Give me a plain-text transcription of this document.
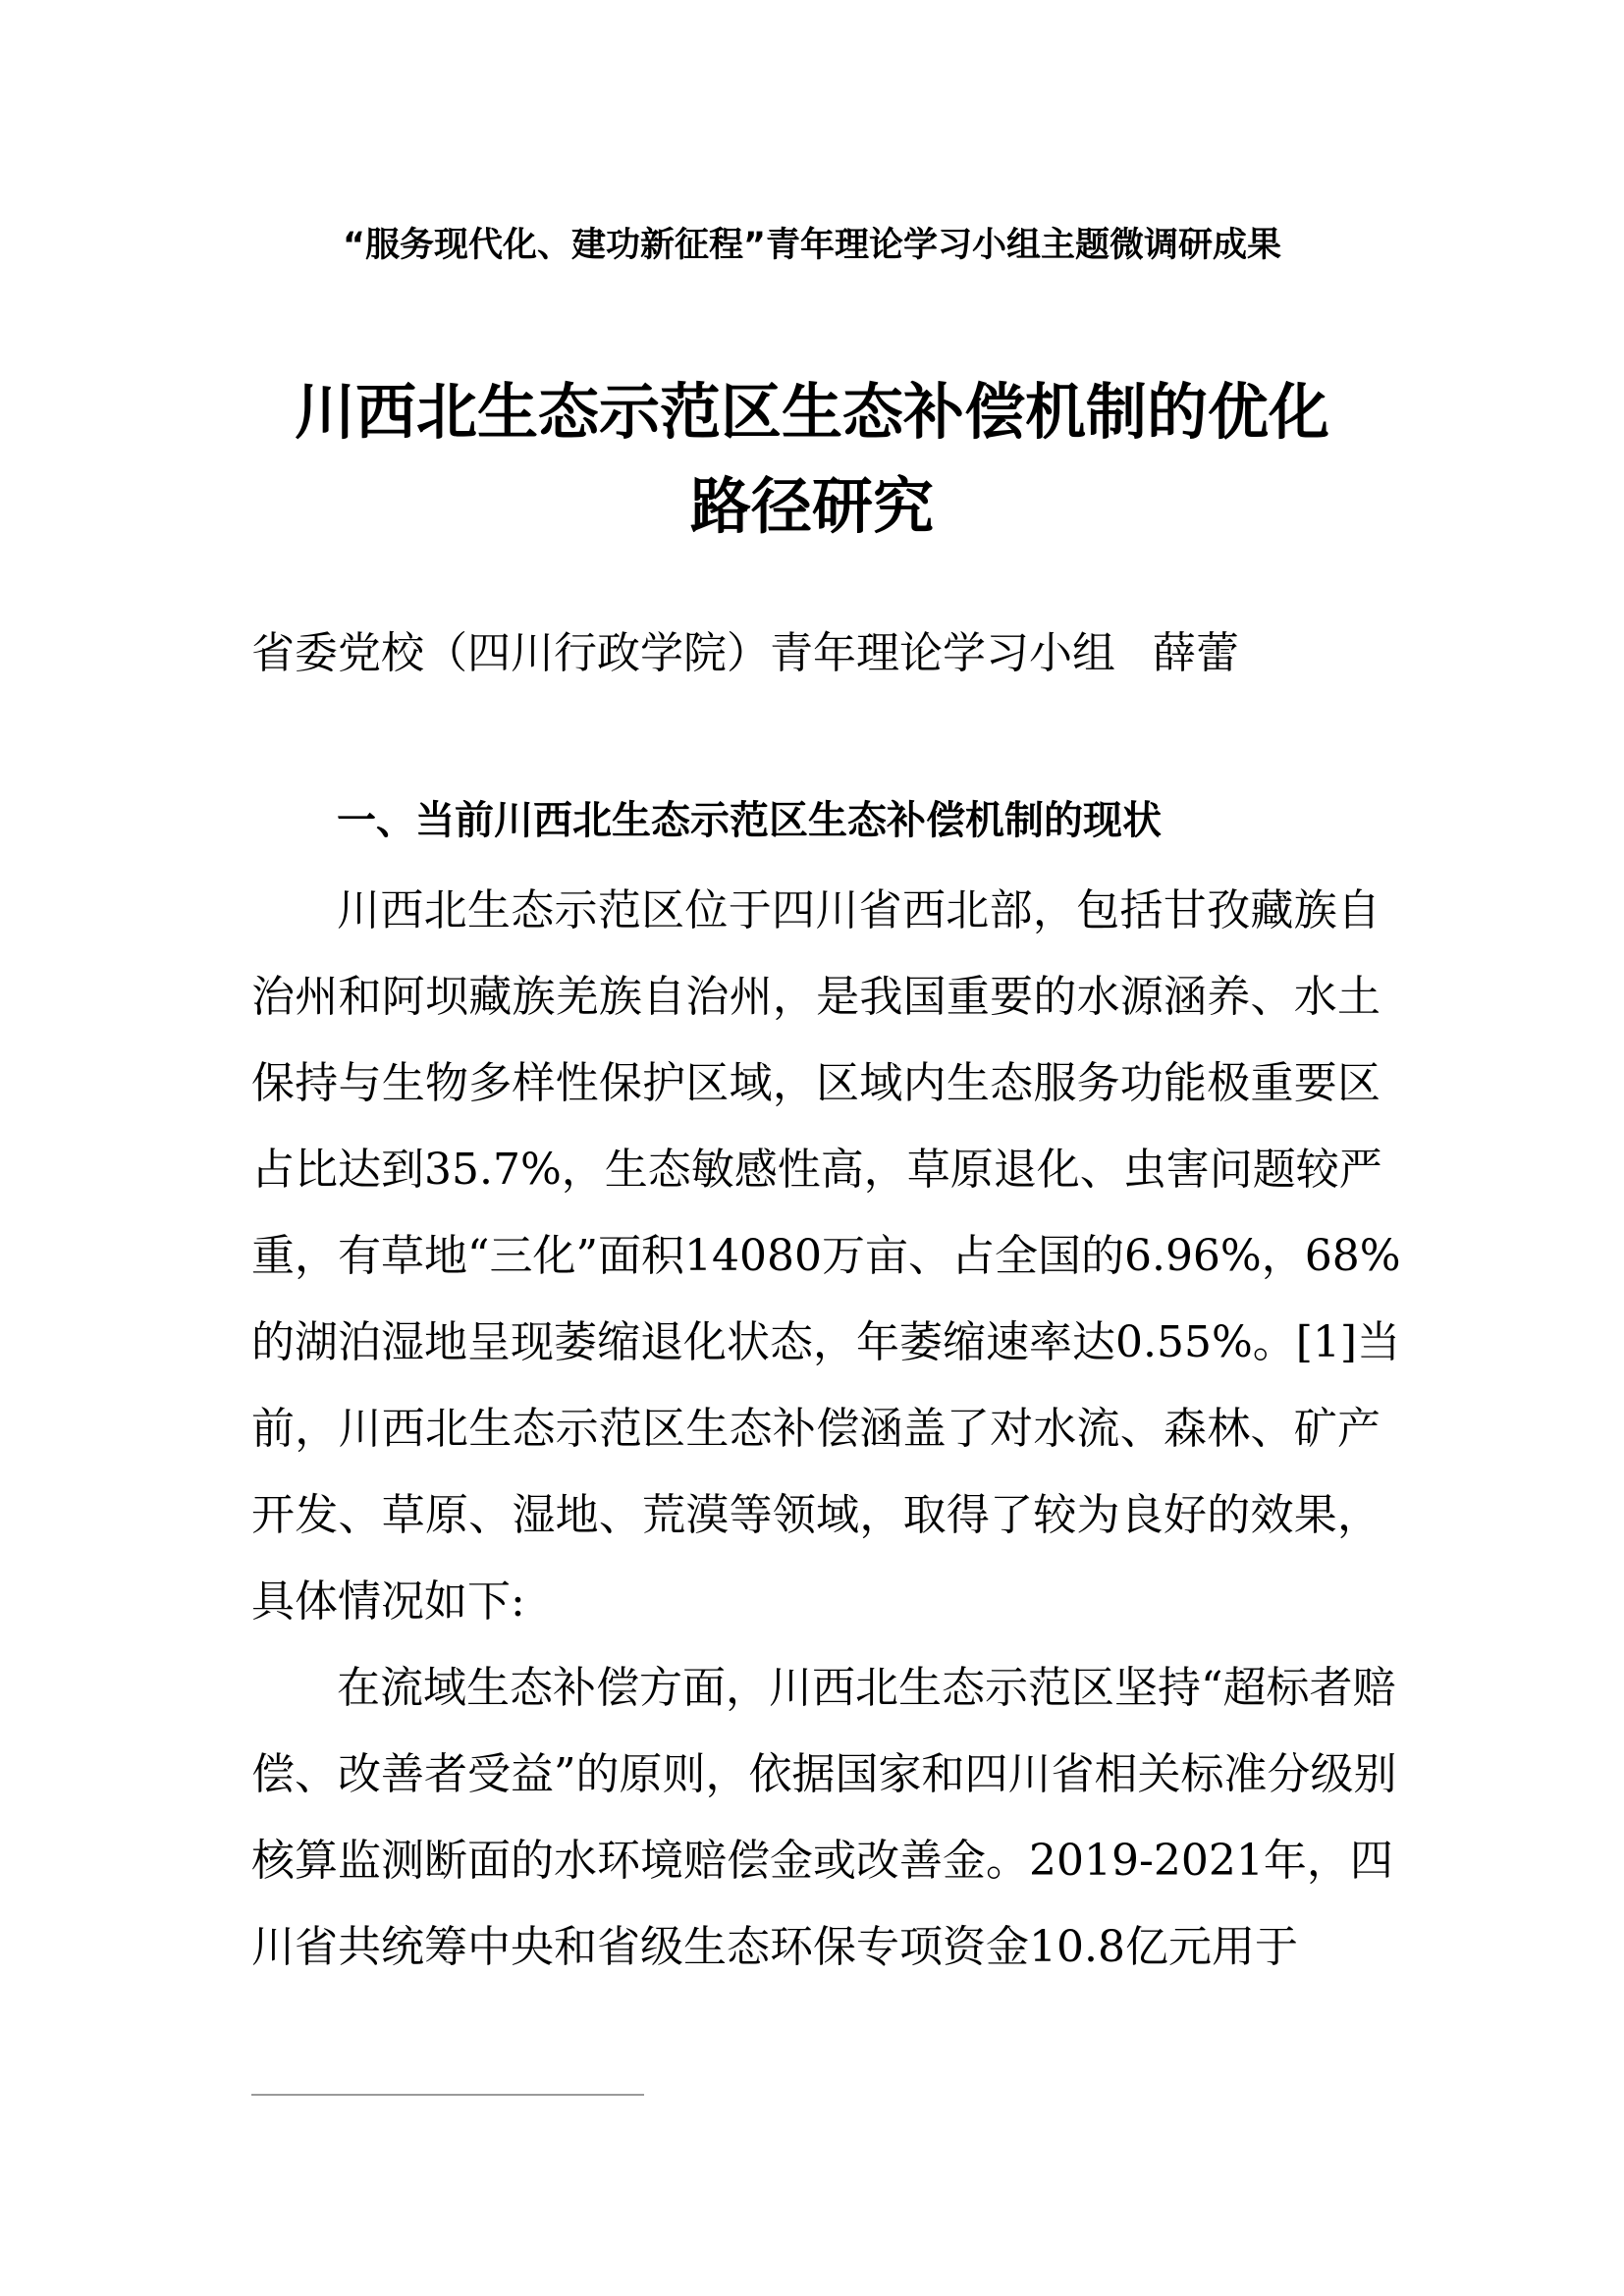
“服务现代化、建功新征程”青年理论学习小组主题微调研成果
川西北生态示范区生态补偿机制的优化
路径研究
省委党校（四川行政学院）青年理论学习小组 薛蕾
一、当前川西北生态示范区生态补偿机制的现状
川西北生态示范区位于四川省西北部，包括甘孜藏族自
治州和阿坝藏族羌族自治州，是我国重要的水源涵养、水土
保持与生物多样性保护区域，区域内生态服务功能极重要区
占比达到35.7%，生态敏感性高，草原退化、虫害问题较严
重，有草地“三化”面积14080万亩、占全国的6.96%，68%
的湖泊湿地呈现萎缩退化状态，年萎缩速率达0.55%。[1]当
前，川西北生态示范区生态补偿涵盖了对水流、森林、矿产
开发、草原、湿地、荒漠等领域，取得了较为良好的效果，
具体情况如下:
在流域生态补偿方面，川西北生态示范区坚持“超标者赔
偿、改善者受益”的原则，依据国家和四川省相关标准分级别
核算监测断面的水环境赔偿金或改善金。2019-2021年，四
川省共统筹中央和省级生态环保专项资金10.8亿元用于
